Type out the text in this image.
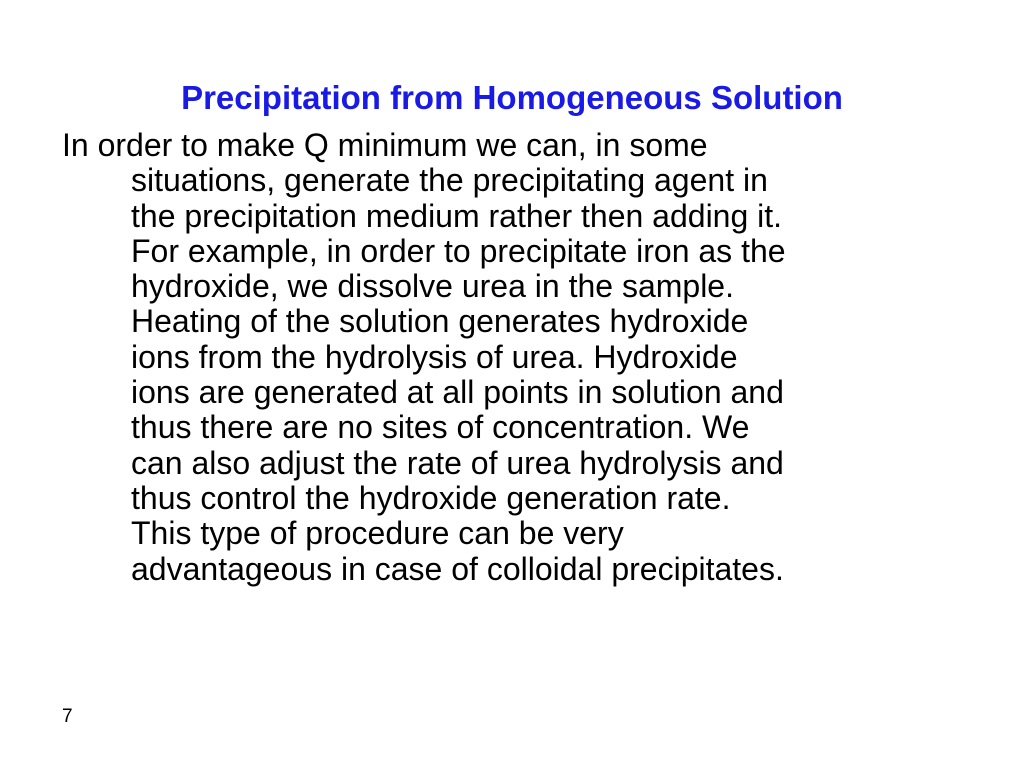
Precipitation from Homogeneous Solution
In order to make Q minimum we can, in some
situations, generate the precipitating agent in
the precipitation medium rather then adding it.
For example, in order to precipitate iron as the
hydroxide, we dissolve urea in the sample.
Heating of the solution generates hydroxide
ions from the hydrolysis of urea. Hydroxide
ions are generated at all points in solution and
thus there are no sites of concentration. We
can also adjust the rate of urea hydrolysis and
thus control the hydroxide generation rate.
This type of procedure can be very
advantageous in case of colloidal precipitates.
7
